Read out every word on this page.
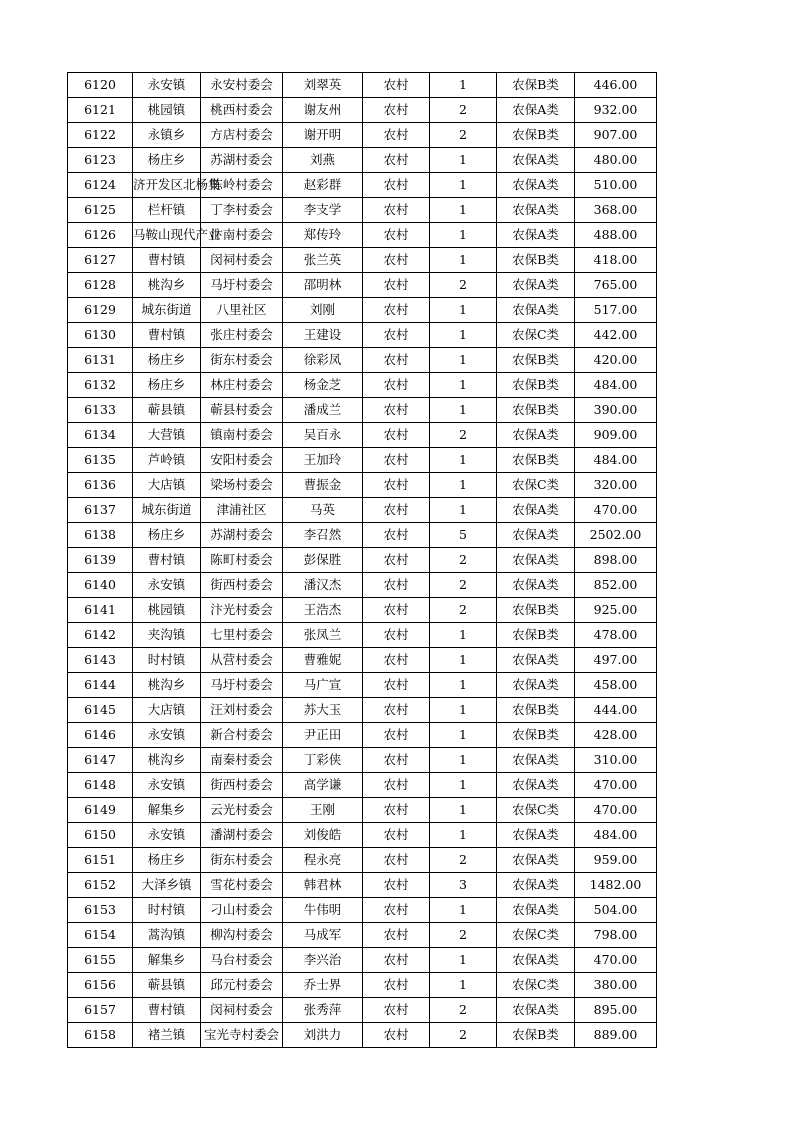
6120	永安镇	永安村委会	刘翠英	农村	1	农保B类	446.00
6121	桃园镇	桃西村委会	谢友州	农村	2	农保A类	932.00
6122	永镇乡	方店村委会	谢开明	农村	2	农保B类	907.00
6123	杨庄乡	苏湖村委会	刘燕	农村	1	农保A类	480.00
6124	济开发区北杨集	陈岭村委会	赵彩群	农村	1	农保A类	510.00
6125	栏杆镇	丁李村委会	李支学	农村	1	农保A类	368.00
6126	马鞍山现代产业	汴南村委会	郑传玲	农村	1	农保A类	488.00
6127	曹村镇	闵祠村委会	张兰英	农村	1	农保B类	418.00
6128	桃沟乡	马圩村委会	邵明林	农村	2	农保A类	765.00
6129	城东街道	八里社区	刘刚	农村	1	农保A类	517.00
6130	曹村镇	张庄村委会	王建设	农村	1	农保C类	442.00
6131	杨庄乡	街东村委会	徐彩凤	农村	1	农保B类	420.00
6132	杨庄乡	林庄村委会	杨金芝	农村	1	农保B类	484.00
6133	蕲县镇	蕲县村委会	潘成兰	农村	1	农保B类	390.00
6134	大营镇	镇南村委会	吴百永	农村	2	农保A类	909.00
6135	芦岭镇	安阳村委会	王加玲	农村	1	农保B类	484.00
6136	大店镇	梁场村委会	曹振金	农村	1	农保C类	320.00
6137	城东街道	津浦社区	马英	农村	1	农保A类	470.00
6138	杨庄乡	苏湖村委会	李召然	农村	5	农保A类	2502.00
6139	曹村镇	陈町村委会	彭保胜	农村	2	农保A类	898.00
6140	永安镇	街西村委会	潘汉杰	农村	2	农保A类	852.00
6141	桃园镇	汴光村委会	王浩杰	农村	2	农保B类	925.00
6142	夹沟镇	七里村委会	张凤兰	农村	1	农保B类	478.00
6143	时村镇	从营村委会	曹雅妮	农村	1	农保A类	497.00
6144	桃沟乡	马圩村委会	马广宣	农村	1	农保A类	458.00
6145	大店镇	汪刘村委会	苏大玉	农村	1	农保B类	444.00
6146	永安镇	新合村委会	尹正田	农村	1	农保B类	428.00
6147	桃沟乡	南秦村委会	丁彩侠	农村	1	农保A类	310.00
6148	永安镇	街西村委会	高学谦	农村	1	农保A类	470.00
6149	解集乡	云光村委会	王刚	农村	1	农保C类	470.00
6150	永安镇	潘湖村委会	刘俊皓	农村	1	农保A类	484.00
6151	杨庄乡	街东村委会	程永亮	农村	2	农保A类	959.00
6152	大泽乡镇	雪花村委会	韩君林	农村	3	农保A类	1482.00
6153	时村镇	刁山村委会	牛伟明	农村	1	农保A类	504.00
6154	蒿沟镇	柳沟村委会	马成军	农村	2	农保C类	798.00
6155	解集乡	马台村委会	李兴治	农村	1	农保A类	470.00
6156	蕲县镇	邱元村委会	乔士界	农村	1	农保C类	380.00
6157	曹村镇	闵祠村委会	张秀萍	农村	2	农保A类	895.00
6158	褚兰镇	宝光寺村委会	刘洪力	农村	2	农保B类	889.00
